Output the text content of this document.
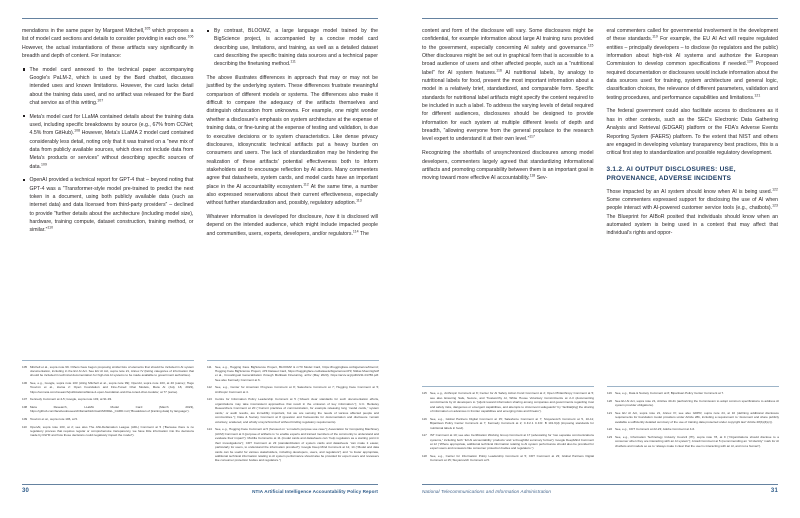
mendations in the same paper by Margaret Mitchell,$^{105}$ which proposes a list of model card sections and details to consider providing in each one.$^{106}$ However, the actual instantiations of these artifacts vary significantly in breadth and depth of content. For instance:

The model card annexed to the technical paper accompanying Google's PaLM-2, which is used by the Bard chatbot, discusses intended uses and known limitations. However, the card lacks detail about the training data used, and no artifact was released for the Bard chat service as of this writing.$^{107}$
Meta's model card for LLaMA contained details about the training data used, including specific breakdowns by source (e.g., 67% from CCNet; 4.5% from GitHub).$^{108}$ However, Meta's LLaMA 2 model card contained considerably less detail, noting only that it was trained on a “new mix of data from publicly available sources, which does not include data from Meta's products or services” without describing specific sources of data.$^{109}$
OpenAI provided a technical report for GPT-4 that – beyond noting that GPT-4 was a “Transformer-style model pre-trained to predict the next token in a document, using both publicly available data (such as internet data) and data licensed from third-party providers” – declined to provide “further details about the architecture (including model size), hardware, training compute, dataset construction, training method, or similar.”$^{110}$
By contrast, BLOOMZ, a large language model trained by the BigScience project, is accompanied by a concise model card describing use, limitations, and training, as well as a detailed dataset card describing the specific training data sources and a technical paper describing the finetuning method.$^{111}$

The above illustrates differences in approach that may or may not be justified by the underlying system. These differences frustrate meaningful comparison of different models or systems. The differences also make it difficult to compare the adequacy of the artifacts themselves and distinguish obfuscation from unknowns. For example, one might wonder whether a disclosure's emphasis on system architecture at the expense of training data, or fine-tuning at the expense of testing and validation, is due to executive decisions or to system characteristics. Like dense privacy disclosures, idiosyncratic technical artifacts put a heavy burden on consumers and users. The lack of standardization may be hindering the realization of these artifacts' potential effectiveness both to inform stakeholders and to encourage reflection by AI actors. Many commenters agree that datasheets, system cards, and model cards have an important place in the AI accountability ecosystem.$^{112}$ At the same time, a number also expressed reservations about their current effectiveness, especially without further standardization and, possibly, regulatory adoption.$^{113}$

Whatever information is developed for disclosure, how it is disclosed will depend on the intended audience, which might include impacted people and communities, users, experts, developers, and/or regulators.$^{114}$ The

105 Mitchell et al., supra note 99. Others have begun proposing similar lists of elements that should be included in AI system documentation, including in the EU AI Act. See EU AI Act, supra note 21, Annex IV (listing categories of information that should be included in technical documentation for high-risk AI systems to be made available to government authorities).
106 See, e.g., Google, supra note 103 (citing Mitchell et al., supra note 99); OpenAI, supra note 103, at 40 (same); Hugo Touvron et al., Llama 2: Open Foundation and Fine-Tuned Chat Models, Meta AI (July 18, 2023), https://ai.meta.com/research/publications/llama-2-open-foundation-and-fine-tuned-chat-models/, at 77 (same).
107 Kennedy Comment at 4-5; Google, supra note 103, at 91-93.
108 Meta Research, LLaMA Model Card (March 2023), https://github.com/facebookresearch/llama/blob/main/MODEL_CARD.md (“Breakdown of [training data] by language”).
109 Touvron et al., supra note 106, at 5.
110	OpenAI, supra note 103, at 2; see also The Ahti-Defamation League (ADL) Comment at 5 (“Because there is no regulatory process that requires regular or comprehensive transparency, we have little information into the decisions made by RLHF and how those decisions could negatively impact the model”).
111	See, e.g., Hugging Face BigScience Project, BLOOMZ & mT0 Model Card, https://huggingface.co/bigscience/bloomz; Hugging Face BigScience Project, xP3 Dataset Card, https://huggingface.co/datasets/bigscience/xP3; Niklas Muennighoff et al., Crosslingual Generalization through Multitask Finetuning, arXiv (May 2023), https://arxiv.org/pdf/2211.01786.pdf. See also Kennedy Comment at 6.
112	See, e.g., Center for American Progress Comment at 8; Salesforce Comment at 7; Hugging Face Comment at 5; Anthropic Comment at 4.
113	Centre for Information Policy Leadership Comment at 5 (“Absent clear standards for such documentation efforts, organizations may take inconsistent approaches that result in the omission of key information.”); U.C. Berkeley Researchers Comment at 20 (“Current practices of communication, for example releasing long ‘model cards,’ ‘system cards,’ or audit results, are incredibly important, but we are sensing the needs of various affected people and communities.”); Data & Society Comment at 8 (question and frameworks for documentation and disclosure ‘remain voluntary, scattered, and wholly unsynchronized’ without binding regulatory requirements).
114	See, e.g., Hugging Face Comment at 5 (focused on “a model's purpose use case”); Association for Computing Machinery (ACM) Comment at 3 (purpose of artifacts is “to enable experts and trained members of the community to understand and evaluate their impact”); Mozilla Comments at 11 (model cards and datasheets can “help regulators as a starting point in their investigations”); CDT Comment at 23 (standardization of system cards and datasheets “can make it easier, particularly for users, to understand the information provided”); Google Deep Mind Comment at 12, 14 (“Model and data cards can be useful for various stakeholders, including developers, users, and regulators”) and “to foster appropriate, additional technical information relating to AI system performance should also be provided for expert users and reviewers like consumer protection bodies and regulators.”)
30	NTIA Artificial Intelligence Accountability Policy Report

content and form of the disclosure will vary. Some disclosures might be confidential, for example information about large AI training runs provided to the government, especially concerning AI safety and governance.$^{115}$ Other disclosures might be set out in graphical form that is accessible to a broad audience of users and other affected people, such as a “nutritional label” for AI system features.$^{116}$ AI nutritional labels, by analogy to nutritional labels for food, present the most important information about a model in a relatively brief, standardized, and comparable form. Specific standards for nutritional label artifacts might specify the content required to be included in such a label. To address the varying levels of detail required for different audiences, disclosures should be designed to provide information for each system at multiple different levels of depth and breadth, “allowing everyone from the general populace to the research level expert to understand it at their own level.”$^{117}$

Recognizing the shortfalls of unsynchronized disclosures among model developers, commenters largely agreed that standardizing informational artifacts and promoting comparability between them is an important goal in moving toward more effective AI accountability.$^{118}$ Sev-

eral commenters called for governmental involvement in the development of these standards.$^{119}$ For example, the EU AI Act will require regulated entities – principally developers – to disclose (to regulators and the public) information about high-risk AI systems and authorize the European Commission to develop common specifications if needed.$^{120}$ Proposed required documentation or disclosures would include information about the data sources used for training, system architecture and general logic, classification choices, the relevance of different parameters, validation and testing procedures, and performance capabilities and limitations.$^{121}$

The federal government could also facilitate access to disclosures as it has in other contexts, such as the SEC's Electronic Data Gathering Analysis and Retrieval (EDGAR) platform or the FDA's Adverse Events Reporting System (FAERS) platform. To the extent that NIST and others are engaged in developing voluntary transparency best practices, this is a critical first step to standardization and possible regulatory development.

3.1.2. AI OUTPUT DISCLOSURES: USE, PROVENANCE, ADVERSE INCIDENTS

Those impacted by an AI system should know when AI is being used.$^{122}$ Some commenters expressed support for disclosing the use of AI when people interact with AI-powered customer service tools (e.g., chatbots).$^{123}$ The Blueprint for AIBoR posited that individuals should know when an automated system is being used in a context that may affect that individual's rights and oppor-

115	See, e.g., Anthropic Comment at 8; Center for AI Safety Action Fund Comment at 2; Open Philanthropy Comment at 5; see also Ensuring Safe, Secure, and Trustworthy AI, White House Voluntary Commitments at 2-3 (documenting commitments by AI developers to “[w]ork toward information sharing among companies and governments regarding trust and safety risks, dangerous or emergent capabilities, and attempts to circumvent safeguards” by “facilitat[ing] the sharing of information on advances in frontier capabilities and emerging risks and threats”).
116	See, e.g., Global Partners Digital Comment at 15; Salesforce Comment at 7; Stoyanovich Comment at 5, 10-11; Bipartisan Policy Center Comment at 7; Kennedy Comment at 2; C.F.2.1 C.F.R. B 101.9(d) (imposing standards for nutritional labels in food).
117	IST Comment at 10; see also Certification Working Group Comment at 17 (advocating for “two separate communications systems,” including both “full AI accountability ‘products’ and ‘a thoughtful summary format’); Google DeepMind Comment at 12 (“Where appropriate, additional technical information relating to AI system performance should also be provided for expert users and reviewers like consumer protection bodies and regulators.”)
118	See, e.g., Center for Information Policy Leadership Comment at 5; CDT Comment at 23; Global Partners Digital Comment at 15; Stoyanovich Comment at 5.
119	See, e.g., Data & Society Comment at 8; Bipartisan Policy Center Comment at 7.
120 See EU AI Act, supra note 21, Articles 40-41 (authorizing the Commission to adopt common specifications to address AI system provider obligations).
121 See EU AI Act, supra note 21, Annex IV; see also GDPR, supra note 24, at 10 (defining additional disclosure requirements for foundation model providers under Article 28b, including a requirement to “document and share publicly available a sufficiently detailed summary of the use of training data protected under copyright law” Article 28(b)(4)(c)).
122 See, e.g., CDT Comment at 22-23; Adobe Comment at 4-6.
123 See, e.g., Information Technology Industry Council (ITI), supra note 78, at 9 (“Organizations should disclose to a consumer when they are interacting with an AI system”); Arcadi Comment at 5 (recommending an “AI identity” mark for AI chatbots and models so as to “always make it clear that the user is interacting with an AI, and not a human”).
National Telecommunications and Information Administration	31
